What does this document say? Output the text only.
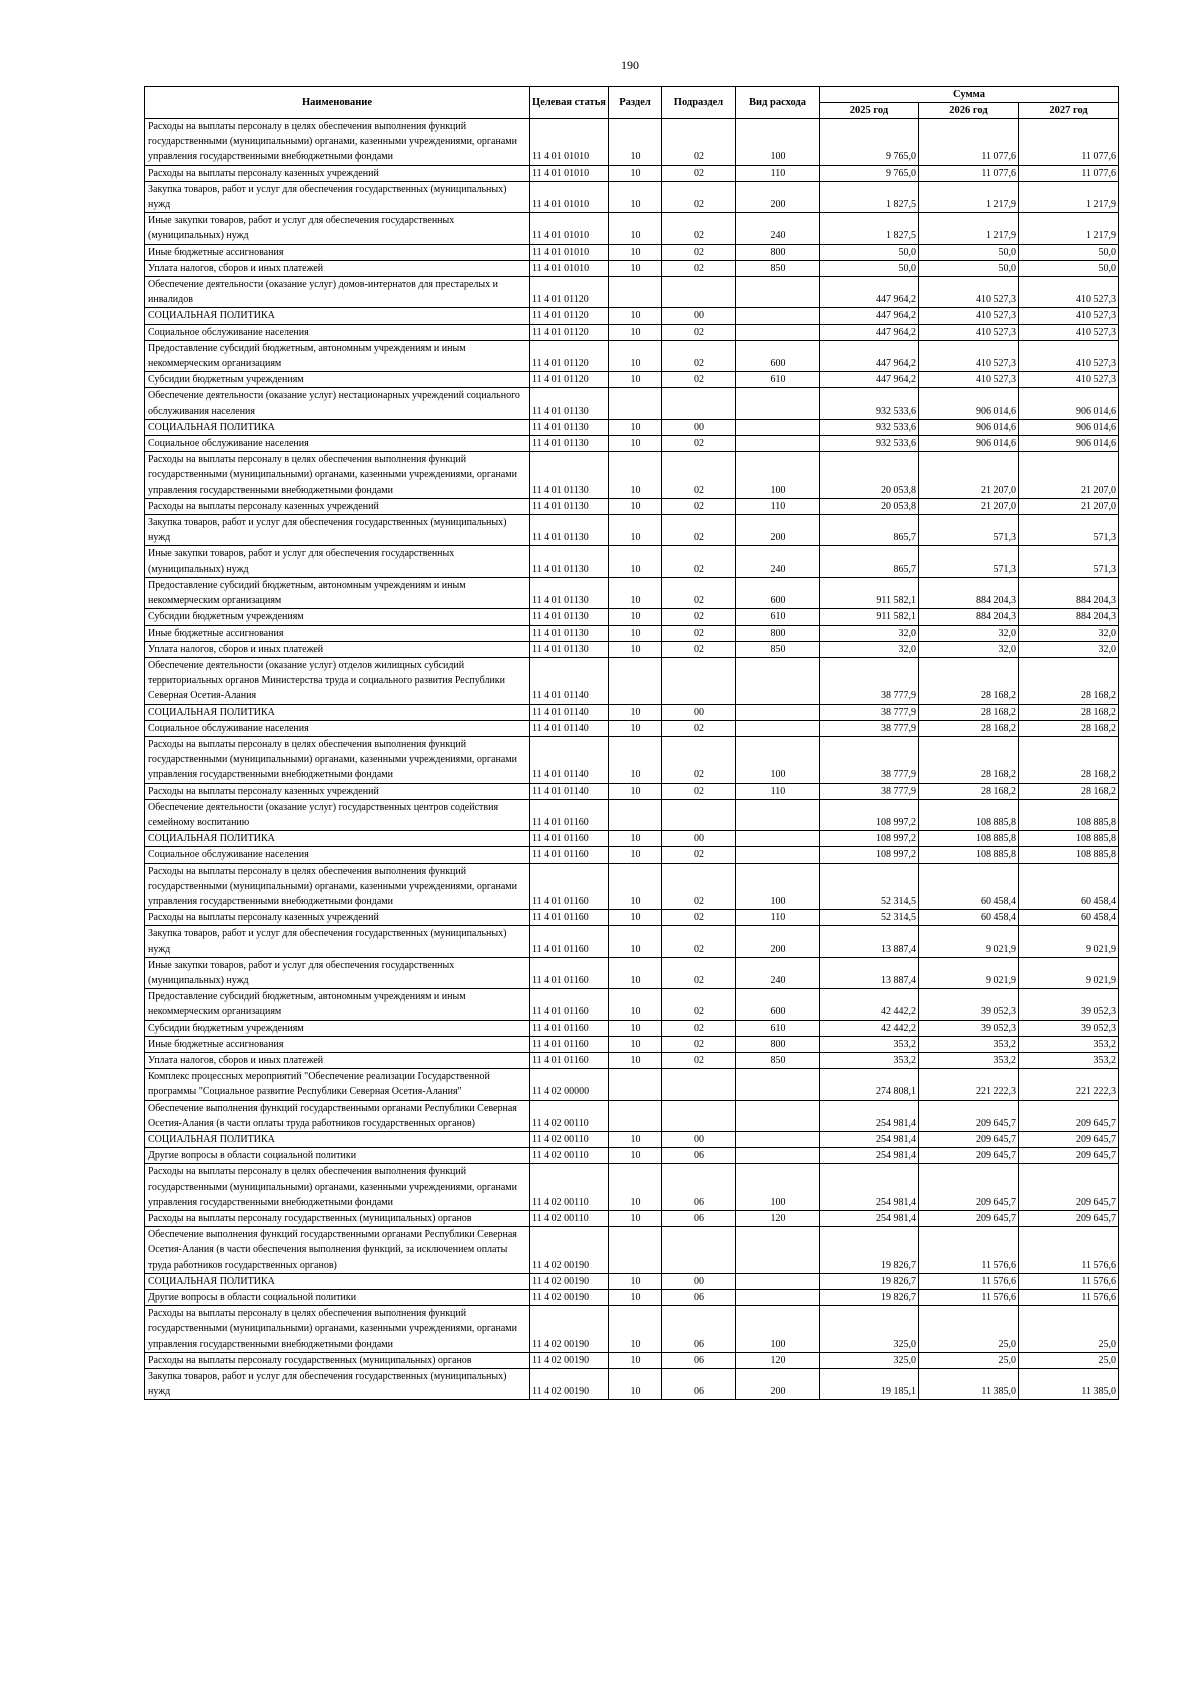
190
Наименование	Целевая статья	Раздел	Подраздел	Вид расхода	Сумма		
					2025 год	2026 год	2027 год
Расходы на выплаты персоналу в целях обеспечения выполнения функций государственными (муниципальными) органами, казенными учреждениями, органами управления государственными внебюджетными фондами	11 4 01 01010	10	02	100	9 765,0	11 077,6	11 077,6
Расходы на выплаты персоналу казенных учреждений	11 4 01 01010	10	02	110	9 765,0	11 077,6	11 077,6
Закупка товаров, работ и услуг для обеспечения государственных (муниципальных) нужд	11 4 01 01010	10	02	200	1 827,5	1 217,9	1 217,9
Иные закупки товаров, работ и услуг для обеспечения государственных (муниципальных) нужд	11 4 01 01010	10	02	240	1 827,5	1 217,9	1 217,9
Иные бюджетные ассигнования	11 4 01 01010	10	02	800	50,0	50,0	50,0
Уплата налогов, сборов и иных платежей	11 4 01 01010	10	02	850	50,0	50,0	50,0
Обеспечение деятельности (оказание услуг) домов-интернатов для престарелых и инвалидов	11 4 01 01120				447 964,2	410 527,3	410 527,3
СОЦИАЛЬНАЯ ПОЛИТИКА	11 4 01 01120	10	00		447 964,2	410 527,3	410 527,3
Социальное обслуживание населения	11 4 01 01120	10	02		447 964,2	410 527,3	410 527,3
Предоставление субсидий бюджетным, автономным учреждениям и иным некоммерческим организациям	11 4 01 01120	10	02	600	447 964,2	410 527,3	410 527,3
Субсидии бюджетным учреждениям	11 4 01 01120	10	02	610	447 964,2	410 527,3	410 527,3
Обеспечение деятельности (оказание услуг) нестационарных учреждений социального обслуживания населения	11 4 01 01130				932 533,6	906 014,6	906 014,6
СОЦИАЛЬНАЯ ПОЛИТИКА	11 4 01 01130	10	00		932 533,6	906 014,6	906 014,6
Социальное обслуживание населения	11 4 01 01130	10	02		932 533,6	906 014,6	906 014,6
Расходы на выплаты персоналу в целях обеспечения выполнения функций государственными (муниципальными) органами, казенными учреждениями, органами управления государственными внебюджетными фондами	11 4 01 01130	10	02	100	20 053,8	21 207,0	21 207,0
Расходы на выплаты персоналу казенных учреждений	11 4 01 01130	10	02	110	20 053,8	21 207,0	21 207,0
Закупка товаров, работ и услуг для обеспечения государственных (муниципальных) нужд	11 4 01 01130	10	02	200	865,7	571,3	571,3
Иные закупки товаров, работ и услуг для обеспечения государственных (муниципальных) нужд	11 4 01 01130	10	02	240	865,7	571,3	571,3
Предоставление субсидий бюджетным, автономным учреждениям и иным некоммерческим организациям	11 4 01 01130	10	02	600	911 582,1	884 204,3	884 204,3
Субсидии бюджетным учреждениям	11 4 01 01130	10	02	610	911 582,1	884 204,3	884 204,3
Иные бюджетные ассигнования	11 4 01 01130	10	02	800	32,0	32,0	32,0
Уплата налогов, сборов и иных платежей	11 4 01 01130	10	02	850	32,0	32,0	32,0
Обеспечение деятельности (оказание услуг) отделов жилищных субсидий территориальных органов Министерства труда и социального развития Республики Северная Осетия-Алания	11 4 01 01140				38 777,9	28 168,2	28 168,2
СОЦИАЛЬНАЯ ПОЛИТИКА	11 4 01 01140	10	00		38 777,9	28 168,2	28 168,2
Социальное обслуживание населения	11 4 01 01140	10	02		38 777,9	28 168,2	28 168,2
Расходы на выплаты персоналу в целях обеспечения выполнения функций государственными (муниципальными) органами, казенными учреждениями, органами управления государственными внебюджетными фондами	11 4 01 01140	10	02	100	38 777,9	28 168,2	28 168,2
Расходы на выплаты персоналу казенных учреждений	11 4 01 01140	10	02	110	38 777,9	28 168,2	28 168,2
Обеспечение деятельности (оказание услуг) государственных центров содействия семейному воспитанию	11 4 01 01160				108 997,2	108 885,8	108 885,8
СОЦИАЛЬНАЯ ПОЛИТИКА	11 4 01 01160	10	00		108 997,2	108 885,8	108 885,8
Социальное обслуживание населения	11 4 01 01160	10	02		108 997,2	108 885,8	108 885,8
Расходы на выплаты персоналу в целях обеспечения выполнения функций государственными (муниципальными) органами, казенными учреждениями, органами управления государственными внебюджетными фондами	11 4 01 01160	10	02	100	52 314,5	60 458,4	60 458,4
Расходы на выплаты персоналу казенных учреждений	11 4 01 01160	10	02	110	52 314,5	60 458,4	60 458,4
Закупка товаров, работ и услуг для обеспечения государственных (муниципальных) нужд	11 4 01 01160	10	02	200	13 887,4	9 021,9	9 021,9
Иные закупки товаров, работ и услуг для обеспечения государственных (муниципальных) нужд	11 4 01 01160	10	02	240	13 887,4	9 021,9	9 021,9
Предоставление субсидий бюджетным, автономным учреждениям и иным некоммерческим организациям	11 4 01 01160	10	02	600	42 442,2	39 052,3	39 052,3
Субсидии бюджетным учреждениям	11 4 01 01160	10	02	610	42 442,2	39 052,3	39 052,3
Иные бюджетные ассигнования	11 4 01 01160	10	02	800	353,2	353,2	353,2
Уплата налогов, сборов и иных платежей	11 4 01 01160	10	02	850	353,2	353,2	353,2
Комплекс процессных мероприятий "Обеспечение реализации Государственной программы "Социальное развитие Республики Северная Осетия-Алания"	11 4 02 00000				274 808,1	221 222,3	221 222,3
Обеспечение выполнения функций государственными органами Республики Северная Осетия-Алания (в части оплаты труда работников государственных органов)	11 4 02 00110				254 981,4	209 645,7	209 645,7
СОЦИАЛЬНАЯ ПОЛИТИКА	11 4 02 00110	10	00		254 981,4	209 645,7	209 645,7
Другие вопросы в области социальной политики	11 4 02 00110	10	06		254 981,4	209 645,7	209 645,7
Расходы на выплаты персоналу в целях обеспечения выполнения функций государственными (муниципальными) органами, казенными учреждениями, органами управления государственными внебюджетными фондами	11 4 02 00110	10	06	100	254 981,4	209 645,7	209 645,7
Расходы на выплаты персоналу государственных (муниципальных) органов	11 4 02 00110	10	06	120	254 981,4	209 645,7	209 645,7
Обеспечение выполнения функций государственными органами Республики Северная Осетия-Алания (в части обеспечения выполнения функций, за исключением оплаты труда работников государственных органов)	11 4 02 00190				19 826,7	11 576,6	11 576,6
СОЦИАЛЬНАЯ ПОЛИТИКА	11 4 02 00190	10	00		19 826,7	11 576,6	11 576,6
Другие вопросы в области социальной политики	11 4 02 00190	10	06		19 826,7	11 576,6	11 576,6
Расходы на выплаты персоналу в целях обеспечения выполнения функций государственными (муниципальными) органами, казенными учреждениями, органами управления государственными внебюджетными фондами	11 4 02 00190	10	06	100	325,0	25,0	25,0
Расходы на выплаты персоналу государственных (муниципальных) органов	11 4 02 00190	10	06	120	325,0	25,0	25,0
Закупка товаров, работ и услуг для обеспечения государственных (муниципальных) нужд	11 4 02 00190	10	06	200	19 185,1	11 385,0	11 385,0
